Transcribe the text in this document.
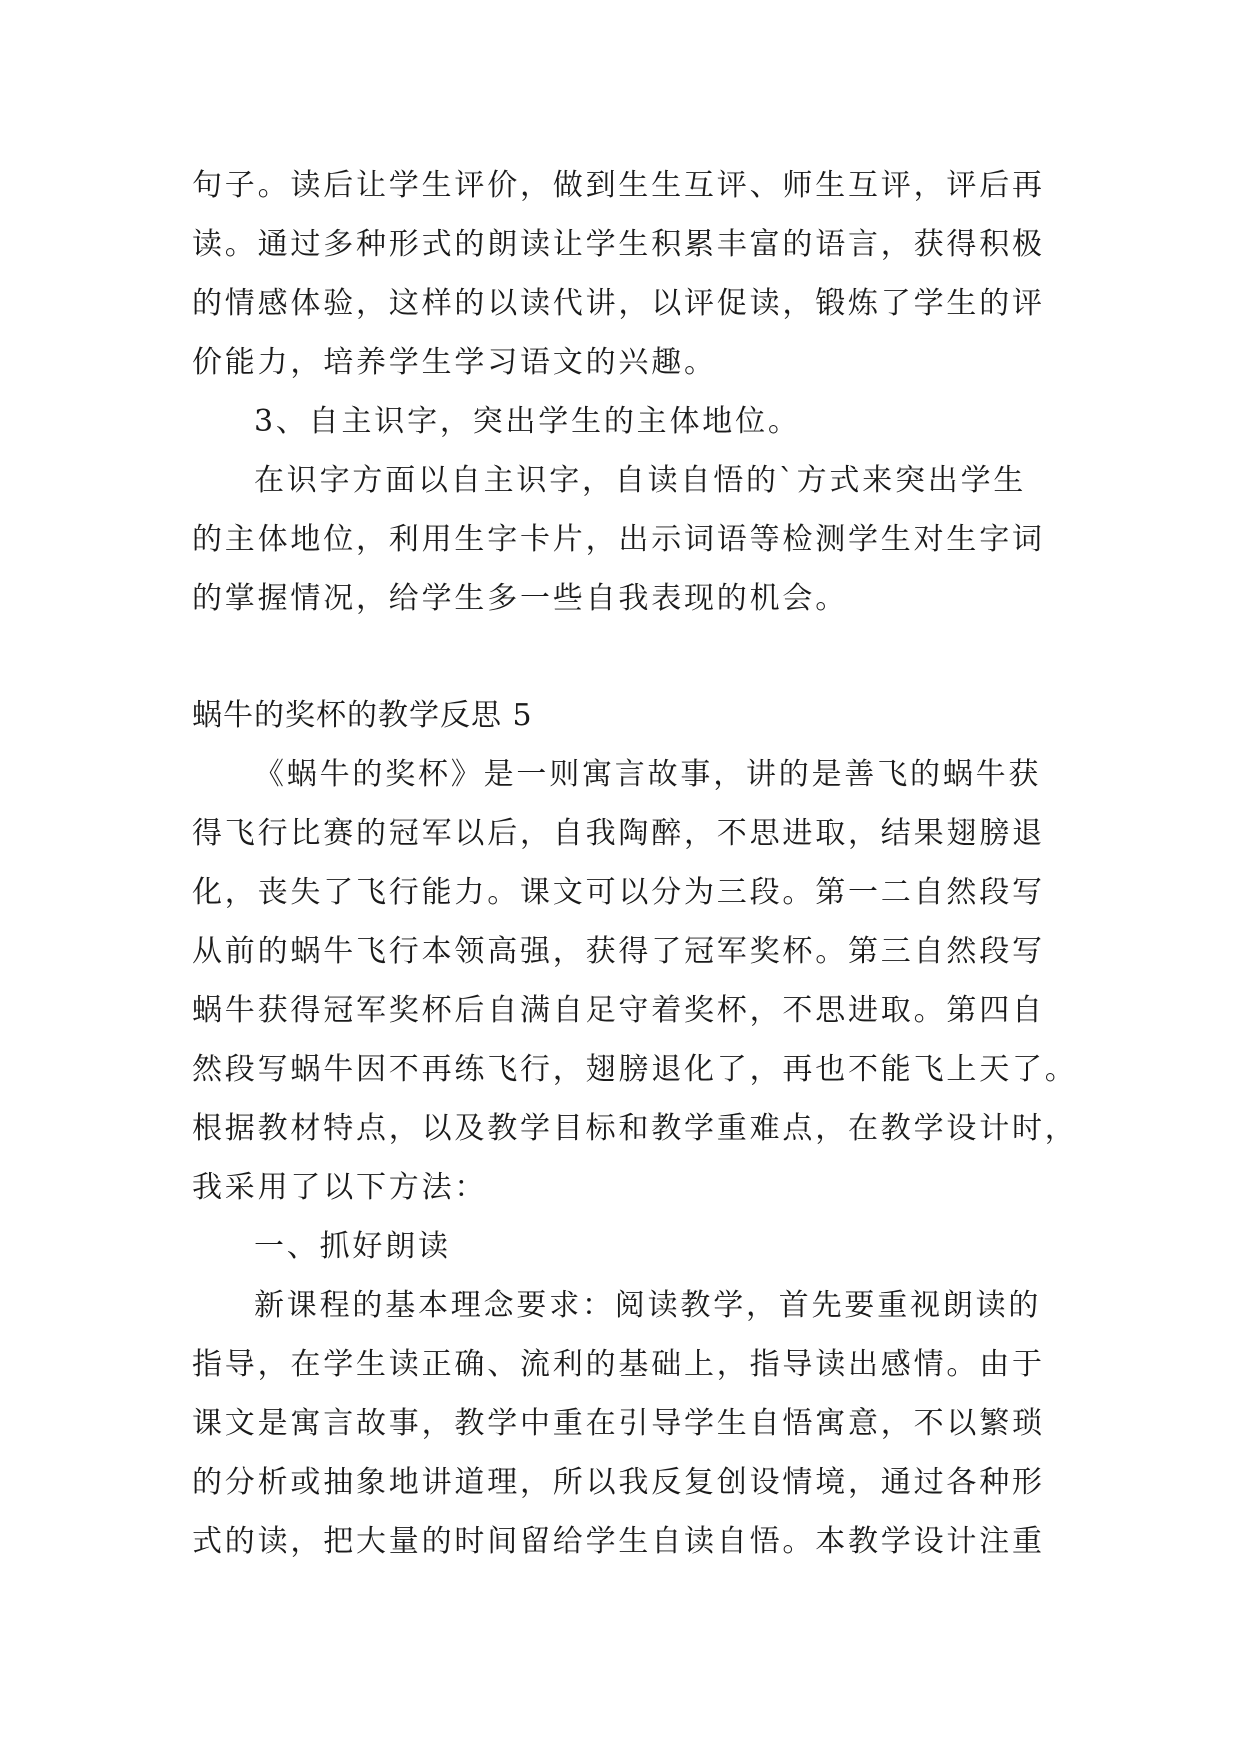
句子。读后让学生评价，做到生生互评、师生互评，评后再
读。通过多种形式的朗读让学生积累丰富的语言，获得积极
的情感体验，这样的以读代讲，以评促读，锻炼了学生的评
价能力，培养学生学习语文的兴趣。
3、自主识字，突出学生的主体地位。
在识字方面以自主识字，自读自悟的`方式来突出学生
的主体地位，利用生字卡片，出示词语等检测学生对生字词
的掌握情况，给学生多一些自我表现的机会。
蜗牛的奖杯的教学反思 5
《蜗牛的奖杯》是一则寓言故事，讲的是善飞的蜗牛获
得飞行比赛的冠军以后，自我陶醉，不思进取，结果翅膀退
化，丧失了飞行能力。课文可以分为三段。第一二自然段写
从前的蜗牛飞行本领高强，获得了冠军奖杯。第三自然段写
蜗牛获得冠军奖杯后自满自足守着奖杯，不思进取。第四自
然段写蜗牛因不再练飞行，翅膀退化了，再也不能飞上天了。
根据教材特点，以及教学目标和教学重难点，在教学设计时，
我采用了以下方法：
一、抓好朗读
新课程的基本理念要求：阅读教学，首先要重视朗读的
指导，在学生读正确、流利的基础上，指导读出感情。由于
课文是寓言故事，教学中重在引导学生自悟寓意，不以繁琐
的分析或抽象地讲道理，所以我反复创设情境，通过各种形
式的读，把大量的时间留给学生自读自悟。本教学设计注重
